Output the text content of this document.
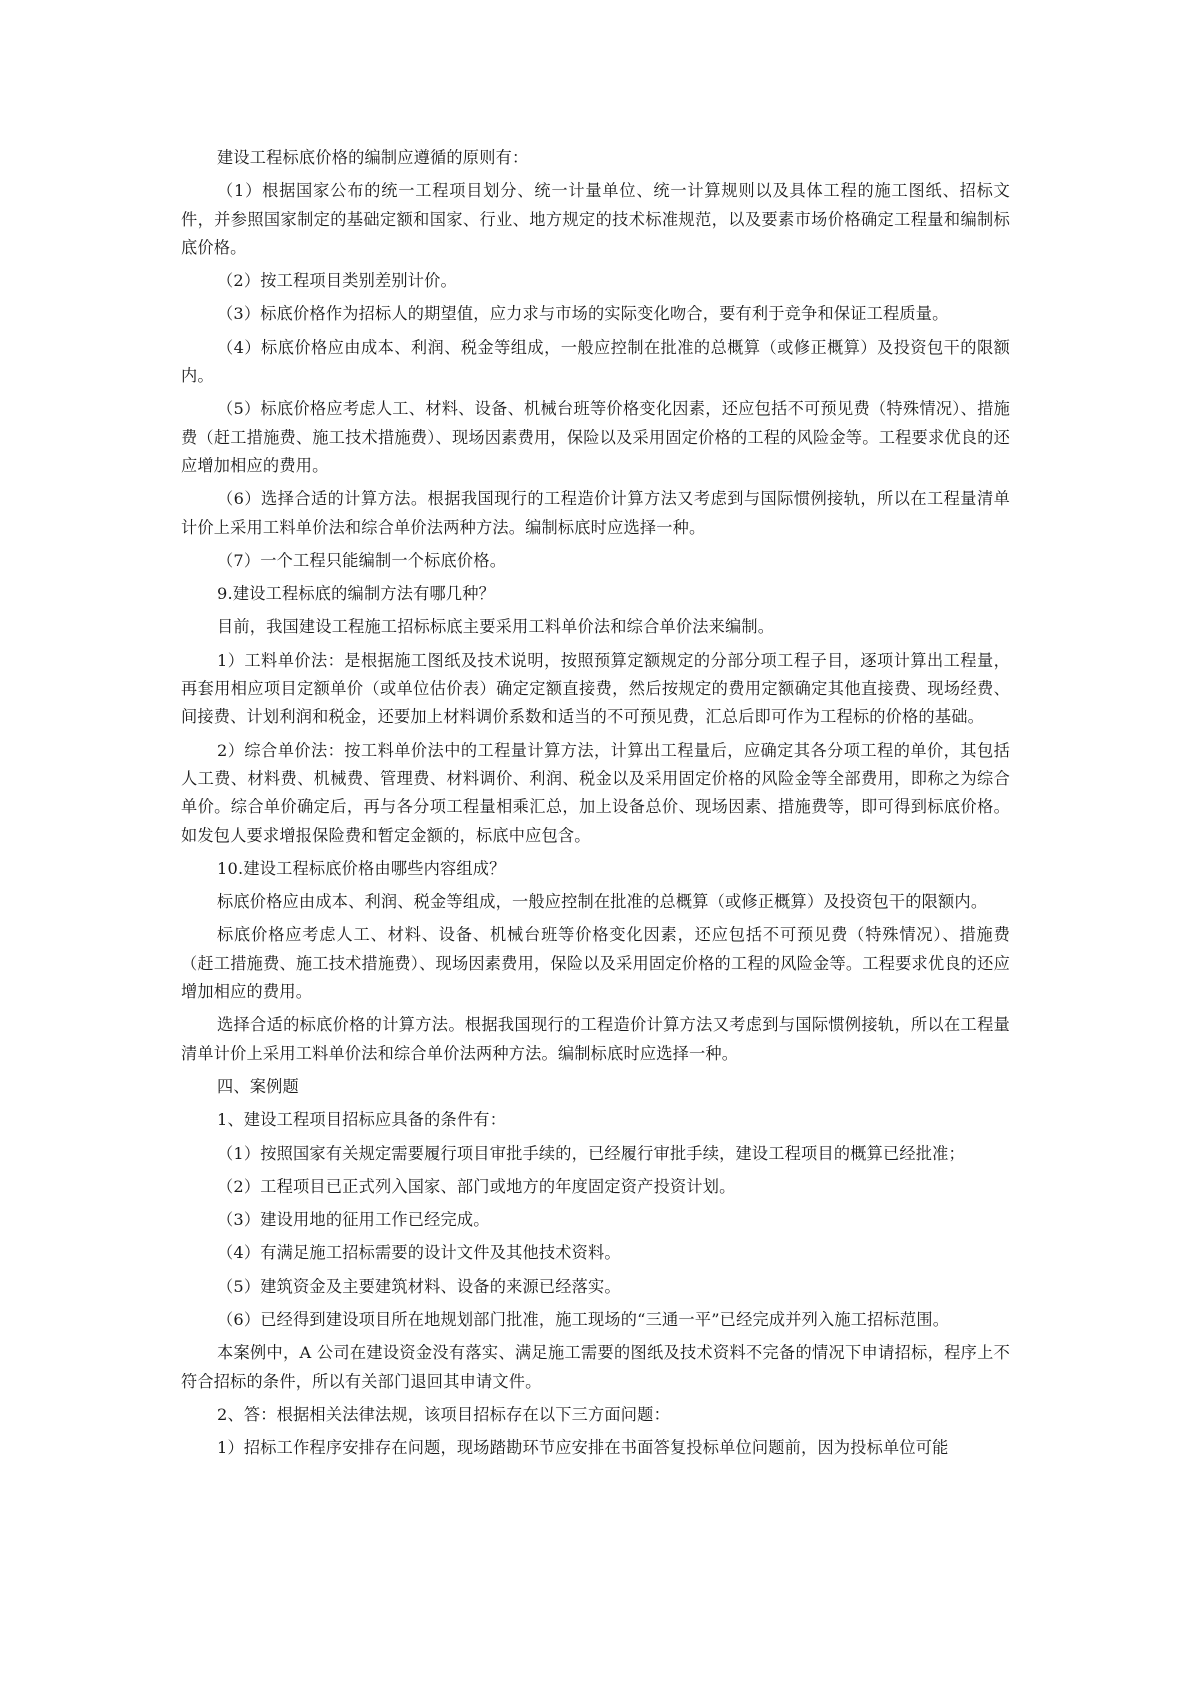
建设工程标底价格的编制应遵循的原则有：

（1）根据国家公布的统一工程项目划分、统一计量单位、统一计算规则以及具体工程的施工图纸、招标文件，并参照国家制定的基础定额和国家、行业、地方规定的技术标准规范，以及要素市场价格确定工程量和编制标底价格。

（2）按工程项目类别差别计价。

（3）标底价格作为招标人的期望值，应力求与市场的实际变化吻合，要有利于竞争和保证工程质量。

（4）标底价格应由成本、利润、税金等组成，一般应控制在批准的总概算（或修正概算）及投资包干的限额内。

（5）标底价格应考虑人工、材料、设备、机械台班等价格变化因素，还应包括不可预见费（特殊情况）、措施费（赶工措施费、施工技术措施费）、现场因素费用，保险以及采用固定价格的工程的风险金等。工程要求优良的还应增加相应的费用。

（6）选择合适的计算方法。根据我国现行的工程造价计算方法又考虑到与国际惯例接轨，所以在工程量清单计价上采用工料单价法和综合单价法两种方法。编制标底时应选择一种。

（7）一个工程只能编制一个标底价格。

9.建设工程标底的编制方法有哪几种？

目前，我国建设工程施工招标标底主要采用工料单价法和综合单价法来编制。

1）工料单价法：是根据施工图纸及技术说明，按照预算定额规定的分部分项工程子目，逐项计算出工程量，再套用相应项目定额单价（或单位估价表）确定定额直接费，然后按规定的费用定额确定其他直接费、现场经费、间接费、计划利润和税金，还要加上材料调价系数和适当的不可预见费，汇总后即可作为工程标的价格的基础。

2）综合单价法：按工料单价法中的工程量计算方法，计算出工程量后，应确定其各分项工程的单价，其包括人工费、材料费、机械费、管理费、材料调价、利润、税金以及采用固定价格的风险金等全部费用，即称之为综合单价。综合单价确定后，再与各分项工程量相乘汇总，加上设备总价、现场因素、措施费等，即可得到标底价格。如发包人要求增报保险费和暂定金额的，标底中应包含。

10.建设工程标底价格由哪些内容组成？

标底价格应由成本、利润、税金等组成，一般应控制在批准的总概算（或修正概算）及投资包干的限额内。

标底价格应考虑人工、材料、设备、机械台班等价格变化因素，还应包括不可预见费（特殊情况）、措施费（赶工措施费、施工技术措施费）、现场因素费用，保险以及采用固定价格的工程的风险金等。工程要求优良的还应增加相应的费用。

选择合适的标底价格的计算方法。根据我国现行的工程造价计算方法又考虑到与国际惯例接轨，所以在工程量清单计价上采用工料单价法和综合单价法两种方法。编制标底时应选择一种。

四、案例题

1、建设工程项目招标应具备的条件有：

（1）按照国家有关规定需要履行项目审批手续的，已经履行审批手续，建设工程项目的概算已经批准；

（2）工程项目已正式列入国家、部门或地方的年度固定资产投资计划。

（3）建设用地的征用工作已经完成。

（4）有满足施工招标需要的设计文件及其他技术资料。

（5）建筑资金及主要建筑材料、设备的来源已经落实。

（6）已经得到建设项目所在地规划部门批准，施工现场的“三通一平”已经完成并列入施工招标范围。

本案例中，A 公司在建设资金没有落实、满足施工需要的图纸及技术资料不完备的情况下申请招标，程序上不符合招标的条件，所以有关部门退回其申请文件。

2、答：根据相关法律法规，该项目招标存在以下三方面问题：

1）招标工作程序安排存在问题，现场踏勘环节应安排在书面答复投标单位问题前，因为投标单位可能
